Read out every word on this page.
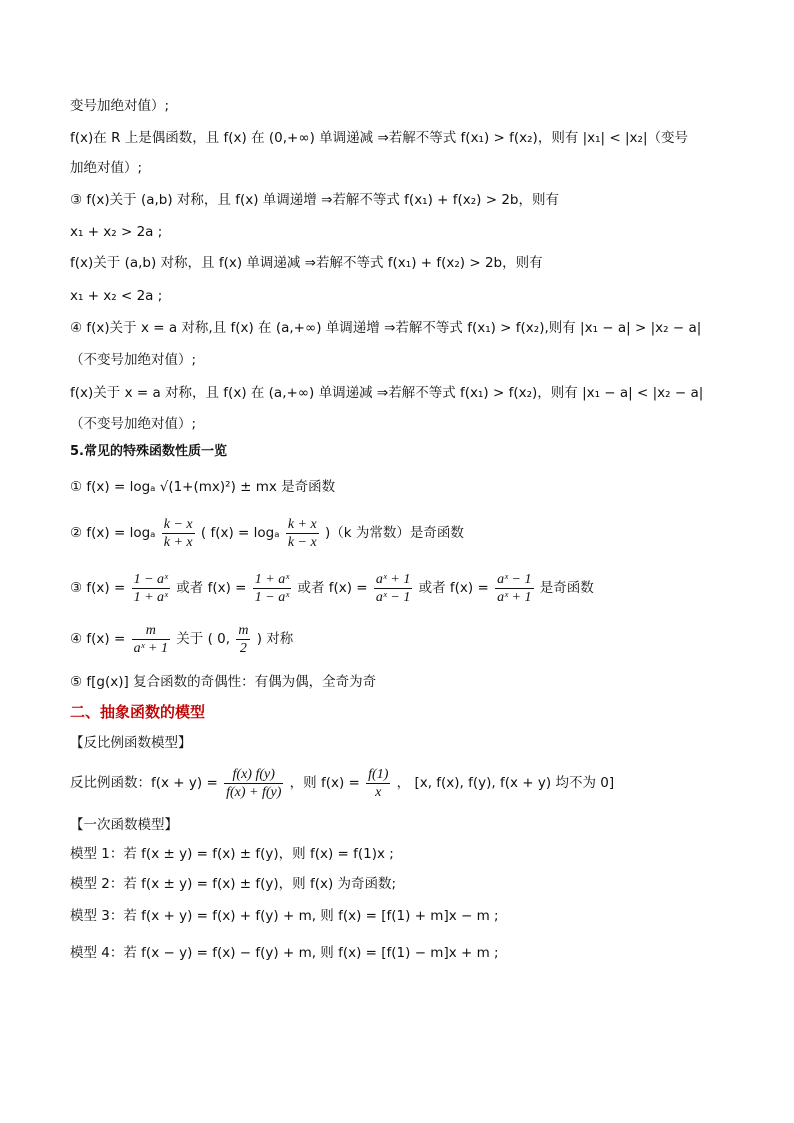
变号加绝对值）;
f(x)在 R 上是偶函数，且 f(x) 在 (0,+∞) 单调递减 ⇒若解不等式 f(x₁) > f(x₂)，则有 |x₁| < |x₂|（变号
加绝对值）;
③ f(x)关于 (a,b) 对称，且 f(x) 单调递增 ⇒若解不等式 f(x₁) + f(x₂) > 2b，则有
x₁ + x₂ > 2a ;
f(x)关于 (a,b) 对称，且 f(x) 单调递减 ⇒若解不等式 f(x₁) + f(x₂) > 2b，则有
x₁ + x₂ < 2a ;
④ f(x)关于 x = a 对称,且 f(x) 在 (a,+∞) 单调递增 ⇒若解不等式 f(x₁) > f(x₂),则有 |x₁ − a| > |x₂ − a|
（不变号加绝对值）;
f(x)关于 x = a 对称，且 f(x) 在 (a,+∞) 单调递减 ⇒若解不等式 f(x₁) > f(x₂)，则有 |x₁ − a| < |x₂ − a|
（不变号加绝对值）;
5.常见的特殊函数性质一览
① f(x) = logₐ √(1+(mx)²) ± mx 是奇函数
② f(x) = logₐ $\frac{k - x}{k + x}$ ( f(x) = logₐ $\frac{k + x}{k - x} )(k$ 为常数）是奇函数
③ $f(x) = \frac{\text{1 − aˣ}}{\text{1 + aˣ}}$ 或者 $f(x) = \frac{\text{1 + aˣ}}{\text{1 − aˣ}}$ 或者 $f(x) = \frac{\text{aˣ + 1}}{\text{aˣ − 1}}$ 或者 $f(x) = \frac{\text{aˣ − 1}}{\text{aˣ + 1}}$ 是奇函数
④ $f(x) = \frac{m}{\text{aˣ + 1}}$ 关于 ( 0, $\frac{m}{2}$ ) 对称
⑤ f[g(x)] 复合函数的奇偶性：有偶为偶，全奇为奇
二、抽象函数的模型
【反比例函数模型】
反比例函数：$f(x + y) = \frac{f(x) f(y)}{f(x) + f(y)}$ ，则 $f(x) = \frac{f(1)}{x}$ ， [x, f(x), f(y), f(x + y) 均不为 0]
【一次函数模型】
模型 1：若 f(x ± y) = f(x) ± f(y)，则 f(x) = f(1)x ;
模型 2：若 f(x ± y) = f(x) ± f(y)，则 f(x) 为奇函数;
模型 3：若 f(x + y) = f(x) + f(y) + m, 则 f(x) = [f(1) + m]x − m ;
模型 4：若 f(x − y) = f(x) − f(y) + m, 则 f(x) = [f(1) − m]x + m ;
